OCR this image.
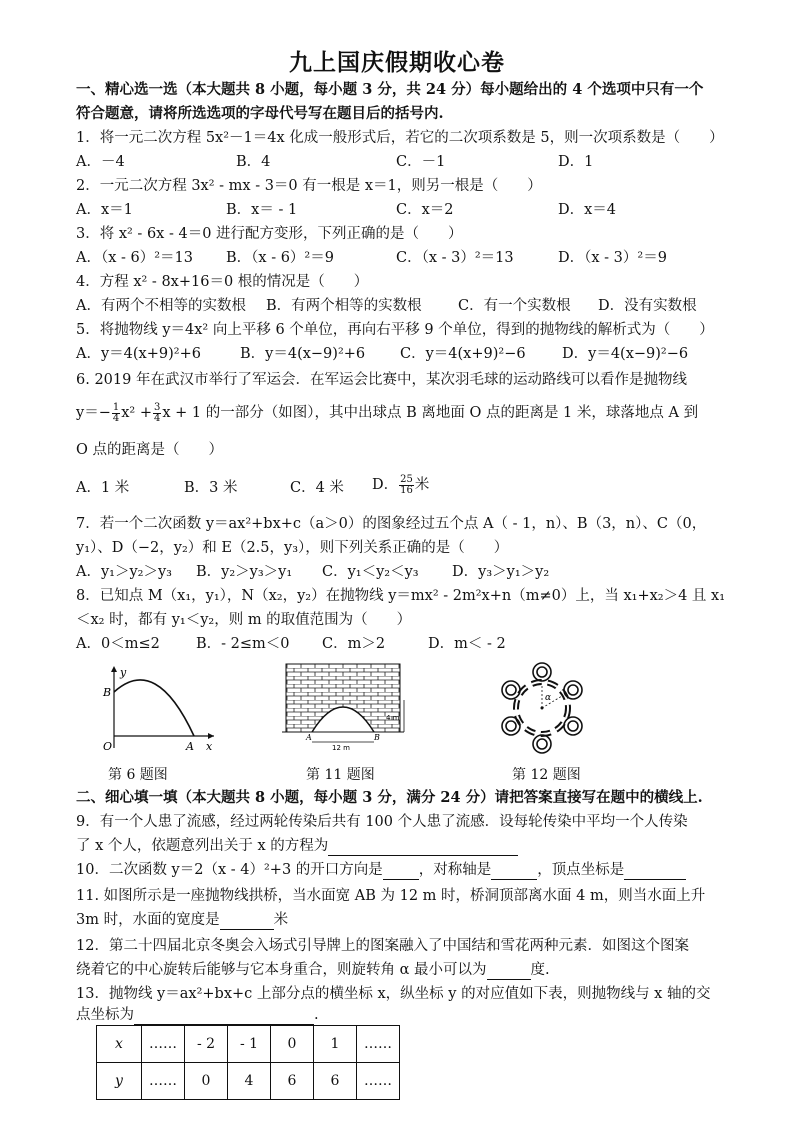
九上国庆假期收心卷
一、精心选一选（本大题共 8 小题，每小题 3 分，共 24 分）每小题给出的 4 个选项中只有一个
符合题意，请将所选选项的字母代号写在题目后的括号内.
1．将一元二次方程 5x²－1＝4x 化成一般形式后，若它的二次项系数是 5，则一次项系数是（　　）
A．－4	B．4	C．－1	D．1
2．一元二次方程 3x² - mx - 3＝0 有一根是 x＝1，则另一根是（　　）
A．x＝1	B．x＝ - 1	C．x＝2	D．x＝4
3．将 x² - 6x - 4＝0 进行配方变形，下列正确的是（　　）
A．（x - 6）²＝13 B．（x - 6）²＝9	C．（x - 3）²＝13	D．（x - 3）²＝9
4．方程 x² - 8x+16＝0 根的情况是（　　）
A．有两个不相等的实数根 B．有两个相等的实数根	C．有一个实数根 D．没有实数根
5．将抛物线 y＝4x² 向上平移 6 个单位，再向右平移 9 个单位，得到的抛物线的解析式为（　　）
A．y＝4(x+9)²+6	B．y＝4(x−9)²+6 C．y＝4(x+9)²−6	D．y＝4(x−9)²−6
6. 2019 年在武汉市举行了军运会．在军运会比赛中，某次羽毛球的运动路线可以看作是抛物线
$y=- \frac{1}{4} x^2 + \frac{3}{4}$ x + 1 的一部分（如图），其中出球点 B 离地面 O 点的距离是 1 米，球落地点 A 到
O 点的距离是（　　）
A．1 米	B．3 米	C．4 米 D． $\frac{25}{16}$ 米
7．若一个二次函数 y＝ax²+bx+c（a＞0）的图象经过五个点 A（ - 1，n）、B（3，n）、C（0，
y₁）、D（−2，y₂）和 E（2.5，y₃），则下列关系正确的是（　　）
A．y₁＞y₂＞y₃ B．y₂＞y₃＞y₁ C．y₁＜y₂＜y₃ D．y₃＞y₁＞y₂
8．已知点 M（x₁，y₁），N（x₂，y₂）在抛物线 y＝mx² - 2m²x+n（m≠0）上，当 x₁+x₂＞4 且 x₁
＜x₂ 时，都有 y₁＜y₂，则 m 的取值范围为（　　）
A．0＜m≤2 B．- 2≤m＜0 C．m＞2	D．m＜ - 2
y
B
O	A x
第 6 题图
4 m
12 m
A	B
第 11 题图
α
第 12 题图
二、细心填一填（本大题共 8 小题，每小题 3 分，满分 24 分）请把答案直接写在题中的横线上.
9．有一个人患了流感，经过两轮传染后共有 100 个人患了流感．设每轮传染中平均一个人传染
了 x 个人，依题意列出关于 x 的方程为
10．二次函数 y＝2（x - 4）²+3 的开口方向是 ，对称轴是	，顶点坐标是
11. 如图所示是一座抛物线拱桥，当水面宽 AB 为 12 m 时，桥洞顶部离水面 4 m，则当水面上升
3m 时，水面的宽度是	米
12．第二十四届北京冬奥会入场式引导牌上的图案融入了中国结和雪花两种元素．如图这个图案
绕着它的中心旋转后能够与它本身重合，则旋转角 α 最小可以为	度.
13．抛物线 y＝ax²+bx+c 上部分点的横坐标 x，纵坐标 y 的对应值如下表，则抛物线与 x 轴的交
点坐标为	.
x	……	- 2	- 1	0	1	……
y	……	0	4	6	6	……
